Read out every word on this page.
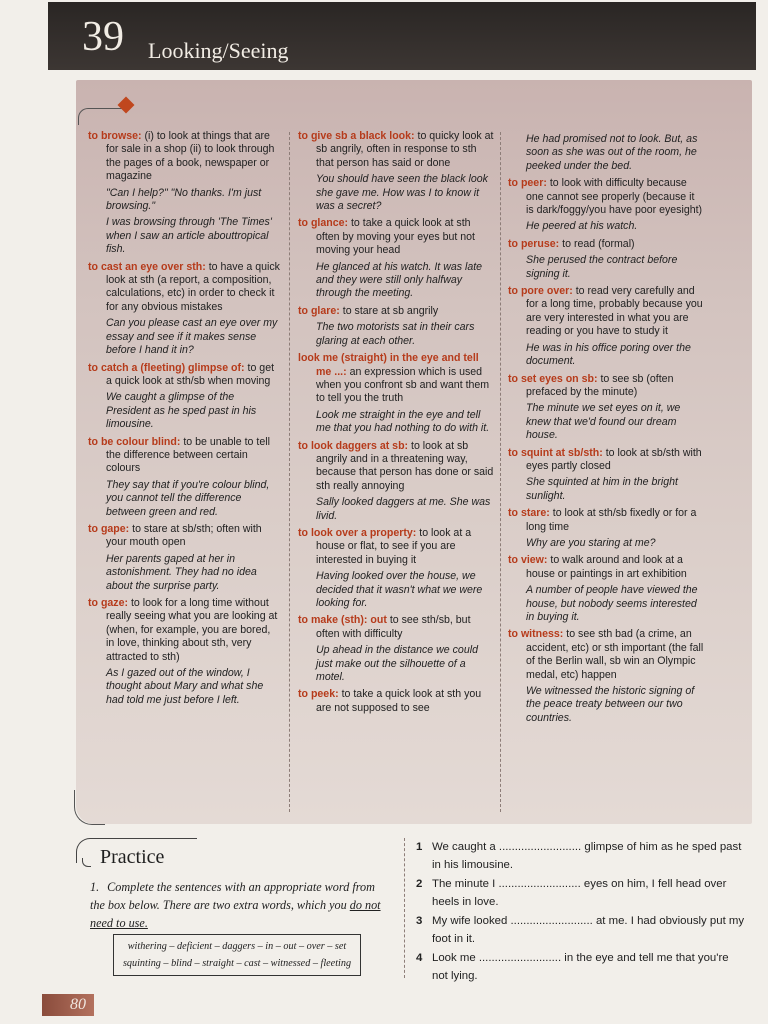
39 Looking/Seeing
to browse: (i) to look at things that are for sale in a shop (ii) to look through the pages of a book, newspaper or magazine
"Can I help?" "No thanks. I'm just browsing."
I was browsing through 'The Times' when I saw an article abouttropical fish.
to cast an eye over sth: to have a quick look at sth (a report, a composition, calculations, etc) in order to check it for any obvious mistakes
Can you please cast an eye over my essay and see if it makes sense before I hand it in?
to catch a (fleeting) glimpse of: to get a quick look at sth/sb when moving
We caught a glimpse of the President as he sped past in his limousine.
to be colour blind: to be unable to tell the difference between certain colours
They say that if you're colour blind, you cannot tell the difference between green and red.
to gape: to stare at sb/sth; often with your mouth open
Her parents gaped at her in astonishment. They had no idea about the surprise party.
to gaze: to look for a long time without really seeing what you are looking at (when, for example, you are bored, in love, thinking about sth, very attracted to sth)
As I gazed out of the window, I thought about Mary and what she had told me just before I left.
to give sb a black look: to quicky look at sb angrily, often in response to sth that person has said or done
You should have seen the black look she gave me. How was I to know it was a secret?
to glance: to take a quick look at sth often by moving your eyes but not moving your head
He glanced at his watch. It was late and they were still only halfway through the meeting.
to glare: to stare at sb angrily
The two motorists sat in their cars glaring at each other.
look me (straight) in the eye and tell me ...: an expression which is used when you confront sb and want them to tell you the truth
Look me straight in the eye and tell me that you had nothing to do with it.
to look daggers at sb: to look at sb angrily and in a threatening way, because that person has done or said sth really annoying
Sally looked daggers at me. She was livid.
to look over a property: to look at a house or flat, to see if you are interested in buying it
Having looked over the house, we decided that it wasn't what we were looking for.
to make (sth): out to see sth/sb, but often with difficulty
Up ahead in the distance we could just make out the silhouette of a motel.
to peek: to take a quick look at sth you are not supposed to see
He had promised not to look. But, as soon as she was out of the room, he peeked under the bed.
to peer: to look with difficulty because one cannot see properly (because it is dark/foggy/you have poor eyesight)
He peered at his watch.
to peruse: to read (formal)
She perused the contract before signing it.
to pore over: to read very carefully and for a long time, probably because you are very interested in what you are reading or you have to study it
He was in his office poring over the document.
to set eyes on sb: to see sb (often prefaced by the minute)
The minute we set eyes on it, we knew that we'd found our dream house.
to squint at sb/sth: to look at sb/sth with eyes partly closed
She squinted at him in the bright sunlight.
to stare: to look at sth/sb fixedly or for a long time
Why are you staring at me?
to view: to walk around and look at a house or paintings in art exhibition
A number of people have viewed the house, but nobody seems interested in buying it.
to witness: to see sth bad (a crime, an accident, etc) or sth important (the fall of the Berlin wall, sb win an Olympic medal, etc) happen
We witnessed the historic signing of the peace treaty between our two countries.
Practice
1. Complete the sentences with an appropriate word from the box below. There are two extra words, which you do not need to use.
withering – deficient – daggers – in – out – over – set
squinting – blind – straight – cast – witnessed – fleeting
1 We caught a .......................... glimpse of him as he sped past in his limousine.
2 The minute I .......................... eyes on him, I fell head over heels in love.
3 My wife looked .......................... at me. I had obviously put my foot in it.
4 Look me .......................... in the eye and tell me that you're not lying.
80
